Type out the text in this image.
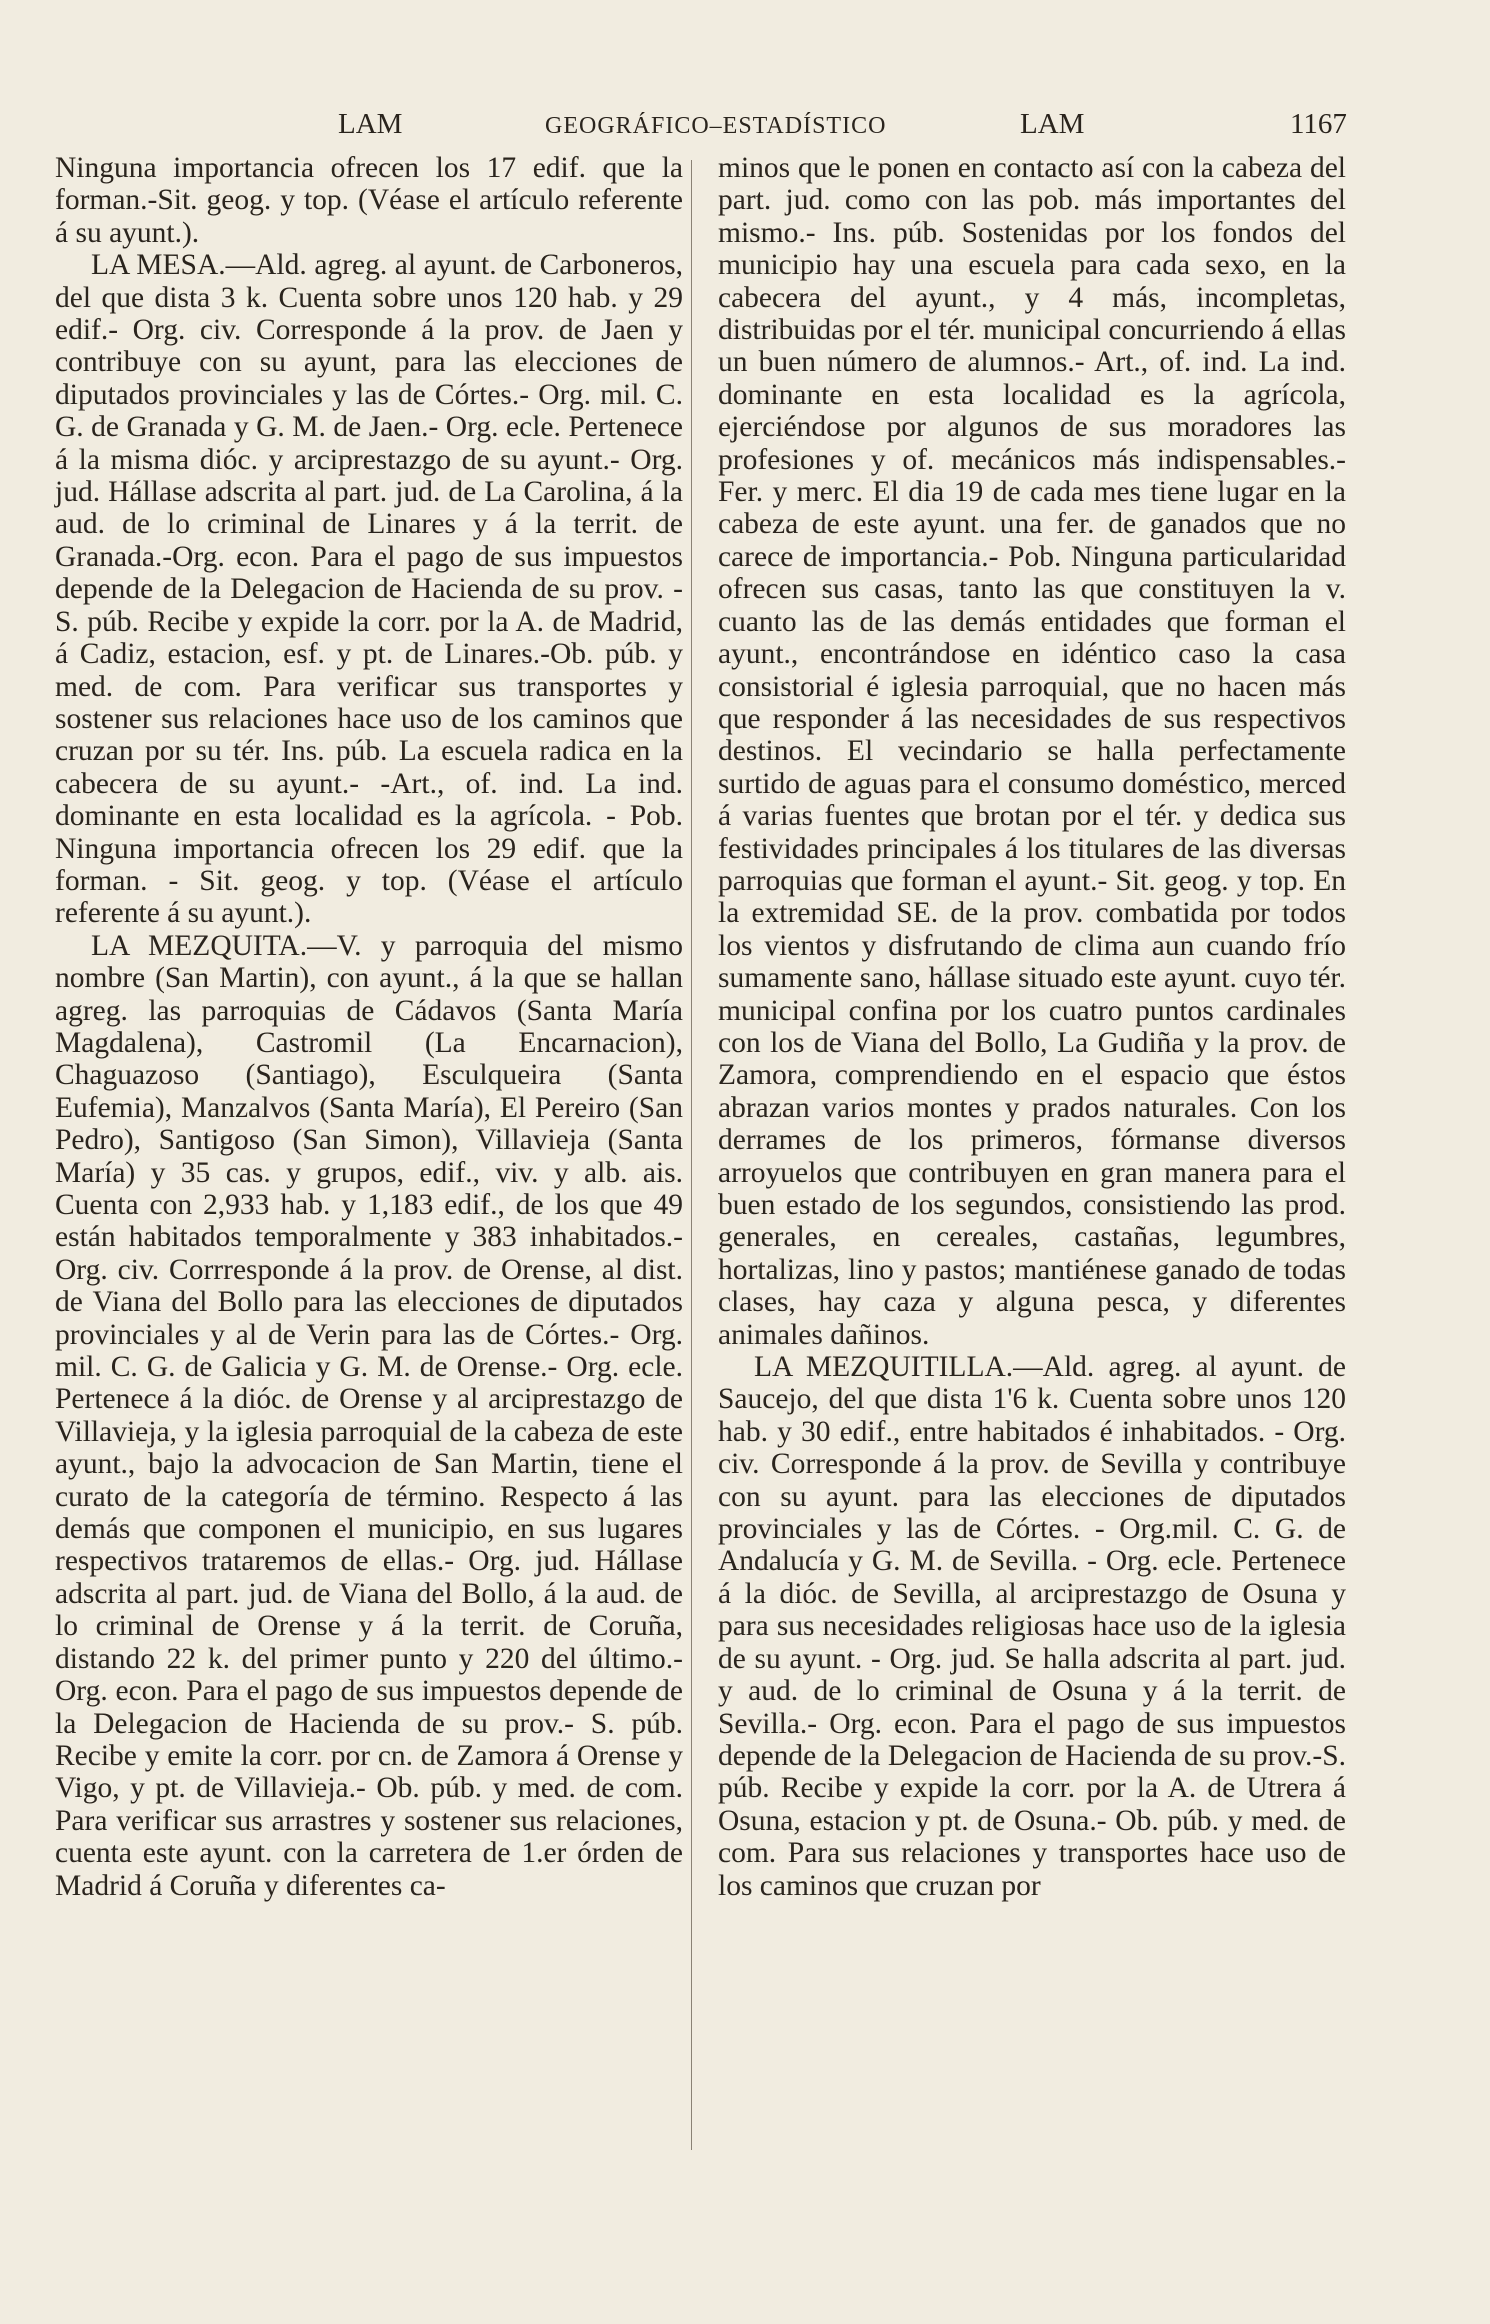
LAM	GEOGRÁFICO–ESTADÍSTICO	LAM	1167

Ninguna importancia ofrecen los 17 edif. que la forman.-Sit. geog. y top. (Véase el artículo referente á su ayunt.).

LA MESA.—Ald. agreg. al ayunt. de Carboneros, del que dista 3 k. Cuenta sobre unos 120 hab. y 29 edif.- Org. civ. Corresponde á la prov. de Jaen y contribuye con su ayunt, para las elecciones de diputados provinciales y las de Córtes.- Org. mil. C. G. de Granada y G. M. de Jaen.- Org. ecle. Pertenece á la misma dióc. y arciprestazgo de su ayunt.- Org. jud. Hállase adscrita al part. jud. de La Carolina, á la aud. de lo criminal de Linares y á la territ. de Granada.-Org. econ. Para el pago de sus impuestos depende de la Delegacion de Hacienda de su prov. - S. púb. Recibe y expide la corr. por la A. de Madrid, á Cadiz, estacion, esf. y pt. de Linares.-Ob. púb. y med. de com. Para verificar sus transportes y sostener sus relaciones hace uso de los caminos que cruzan por su tér. Ins. púb. La escuela radica en la cabecera de su ayunt.- -Art., of. ind. La ind. dominante en esta localidad es la agrícola. - Pob. Ninguna importancia ofrecen los 29 edif. que la forman. - Sit. geog. y top. (Véase el artículo referente á su ayunt.).

LA MEZQUITA.—V. y parroquia del mismo nombre (San Martin), con ayunt., á la que se hallan agreg. las parroquias de Cádavos (Santa María Magdalena), Castromil (La Encarnacion), Chaguazoso (Santiago), Esculqueira (Santa Eufemia), Manzalvos (Santa María), El Pereiro (San Pedro), Santigoso (San Simon), Villavieja (Santa María) y 35 cas. y grupos, edif., viv. y alb. ais. Cuenta con 2,933 hab. y 1,183 edif., de los que 49 están habitados temporalmente y 383 inhabitados.- Org. civ. Corrresponde á la prov. de Orense, al dist. de Viana del Bollo para las elecciones de diputados provinciales y al de Verin para las de Córtes.- Org. mil. C. G. de Galicia y G. M. de Orense.- Org. ecle. Pertenece á la dióc. de Orense y al arciprestazgo de Villavieja, y la iglesia parroquial de la cabeza de este ayunt., bajo la advocacion de San Martin, tiene el curato de la categoría de término. Respecto á las demás que componen el municipio, en sus lugares respectivos trataremos de ellas.- Org. jud. Hállase adscrita al part. jud. de Viana del Bollo, á la aud. de lo criminal de Orense y á la territ. de Coruña, distando 22 k. del primer punto y 220 del último.-Org. econ. Para el pago de sus impuestos depende de la Delegacion de Hacienda de su prov.- S. púb. Recibe y emite la corr. por cn. de Zamora á Orense y Vigo, y pt. de Villavieja.- Ob. púb. y med. de com. Para verificar sus arrastres y sostener sus relaciones, cuenta este ayunt. con la carretera de 1.er órden de Madrid á Coruña y diferentes ca-

minos que le ponen en contacto así con la cabeza del part. jud. como con las pob. más importantes del mismo.- Ins. púb. Sostenidas por los fondos del municipio hay una escuela para cada sexo, en la cabecera del ayunt., y 4 más, incompletas, distribuidas por el tér. municipal concurriendo á ellas un buen número de alumnos.- Art., of. ind. La ind. dominante en esta localidad es la agrícola, ejerciéndose por algunos de sus moradores las profesiones y of. mecánicos más indispensables.- Fer. y merc. El dia 19 de cada mes tiene lugar en la cabeza de este ayunt. una fer. de ganados que no carece de importancia.- Pob. Ninguna particularidad ofrecen sus casas, tanto las que constituyen la v. cuanto las de las demás entidades que forman el ayunt., encontrándose en idéntico caso la casa consistorial é iglesia parroquial, que no hacen más que responder á las necesidades de sus respectivos destinos. El vecindario se halla perfectamente surtido de aguas para el consumo doméstico, merced á varias fuentes que brotan por el tér. y dedica sus festividades principales á los titulares de las diversas parroquias que forman el ayunt.- Sit. geog. y top. En la extremidad SE. de la prov. combatida por todos los vientos y disfrutando de clima aun cuando frío sumamente sano, hállase situado este ayunt. cuyo tér. municipal confina por los cuatro puntos cardinales con los de Viana del Bollo, La Gudiña y la prov. de Zamora, comprendiendo en el espacio que éstos abrazan varios montes y prados naturales. Con los derrames de los primeros, fórmanse diversos arroyuelos que contribuyen en gran manera para el buen estado de los segundos, consistiendo las prod. generales, en cereales, castañas, legumbres, hortalizas, lino y pastos; mantiénese ganado de todas clases, hay caza y alguna pesca, y diferentes animales dañinos.

LA MEZQUITILLA.—Ald. agreg. al ayunt. de Saucejo, del que dista 1'6 k. Cuenta sobre unos 120 hab. y 30 edif., entre habitados é inhabitados. - Org. civ. Corresponde á la prov. de Sevilla y contribuye con su ayunt. para las elecciones de diputados provinciales y las de Córtes. - Org.mil. C. G. de Andalucía y G. M. de Sevilla. - Org. ecle. Pertenece á la dióc. de Sevilla, al arciprestazgo de Osuna y para sus necesidades religiosas hace uso de la iglesia de su ayunt. - Org. jud. Se halla adscrita al part. jud. y aud. de lo criminal de Osuna y á la territ. de Sevilla.- Org. econ. Para el pago de sus impuestos depende de la Delegacion de Hacienda de su prov.-S. púb. Recibe y expide la corr. por la A. de Utrera á Osuna, estacion y pt. de Osuna.- Ob. púb. y med. de com. Para sus relaciones y transportes hace uso de los caminos que cruzan por
